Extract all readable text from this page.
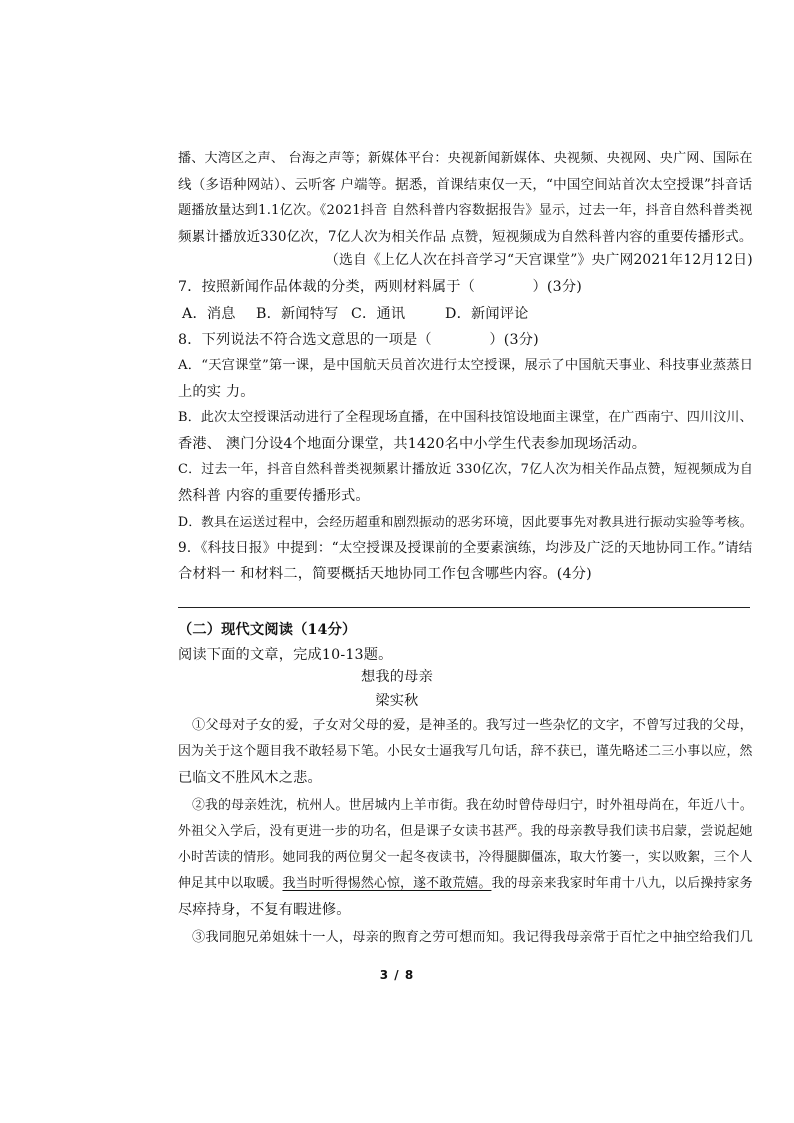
播、大湾区之声、 台海之声等；新媒体平台：央视新闻新媒体、央视频、央视网、央广网、国际在
线（多语种网站）、云听客 户端等。据悉，首课结束仅一天，“中国空间站首次太空授课”抖音话
题播放量达到1.1亿次。《2021抖音 自然科普内容数据报告》显示，过去一年，抖音自然科普类视
频累计播放近330亿次，7亿人次为相关作品 点赞，短视频成为自然科普内容的重要传播形式。
（选自《上亿人次在抖音学习“天宫课堂”》央广网2021年12月12日)
7．按照新闻作品体裁的分类，两则材料属于（　　　　）(3分)
A．消息 B．新闻特写 C．通讯	D．新闻评论
8．下列说法不符合选文意思的一项是（　　　　）(3分)
A．“天宫课堂”第一课，是中国航天员首次进行太空授课，展示了中国航天事业、科技事业蒸蒸日
上的实 力。
B．此次太空授课活动进行了全程现场直播，在中国科技馆设地面主课堂，在广西南宁、四川汶川、
香港、 澳门分设4个地面分课堂，共1420名中小学生代表参加现场活动。
C．过去一年，抖音自然科普类视频累计播放近 330亿次，7亿人次为相关作品点赞，短视频成为自
然科普 内容的重要传播形式。
D．教具在运送过程中，会经历超重和剧烈振动的恶劣环境，因此要事先对教具进行振动实验等考核。
9．《科技日报》中提到：“太空授课及授课前的全要素演练，均涉及广泛的天地协同工作。”请结
合材料一 和材料二，简要概括天地协同工作包含哪些内容。(4分)
（二）现代文阅读（14分）
阅读下面的文章，完成10-13题。
想我的母亲
梁实秋
①父母对子女的爱，子女对父母的爱，是神圣的。我写过一些杂忆的文字，不曾写过我的父母，
因为关于这个题目我不敢轻易下笔。小民女士逼我写几句话，辞不获已，谨先略述二三小事以应，然
已临文不胜风木之悲。
②我的母亲姓沈，杭州人。世居城内上羊市街。我在幼时曾侍母归宁，时外祖母尚在，年近八十。
外祖父入学后，没有更进一步的功名，但是课子女读书甚严。我的母亲教导我们读书启蒙，尝说起她
小时苦读的情形。她同我的两位舅父一起冬夜读书，冷得腿脚僵冻，取大竹篓一，实以败絮，三个人
伸足其中以取暖。我当时听得惕然心惊，遂不敢荒嬉。我的母亲来我家时年甫十八九，以后操持家务
尽瘁持身，不复有暇进修。
③我同胞兄弟姐妹十一人，母亲的煦育之劳可想而知。我记得我母亲常于百忙之中抽空给我们几
3 / 8
